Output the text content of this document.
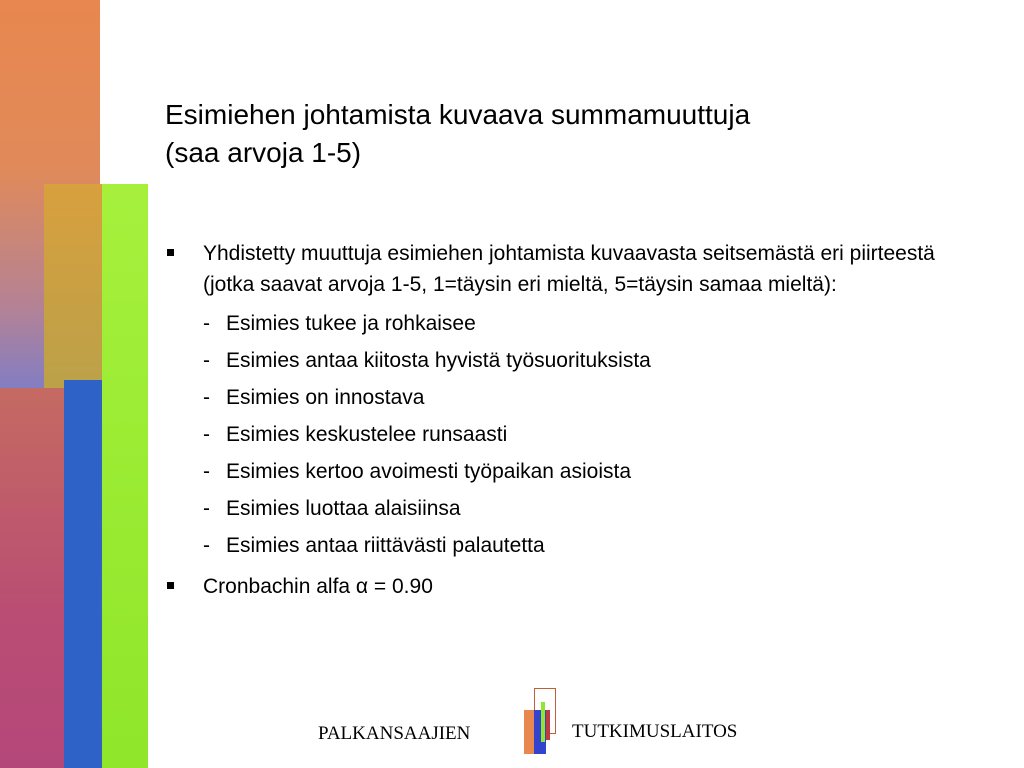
Esimiehen johtamista kuvaava summamuuttuja
(saa arvoja 1-5)
Yhdistetty muuttuja esimiehen johtamista kuvaavasta seitsemästä eri piirteestä (jotka saavat arvoja 1-5, 1=täysin eri mieltä, 5=täysin samaa mieltä):
- Esimies tukee ja rohkaisee
- Esimies antaa kiitosta hyvistä työsuorituksista
- Esimies on innostava
- Esimies keskustelee runsaasti
- Esimies kertoo avoimesti työpaikan asioista
- Esimies luottaa alaisiinsa
- Esimies antaa riittävästi palautetta
Cronbachin alfa α = 0.90
PALKANSAAJIEN	TUTKIMUSLAITOS
